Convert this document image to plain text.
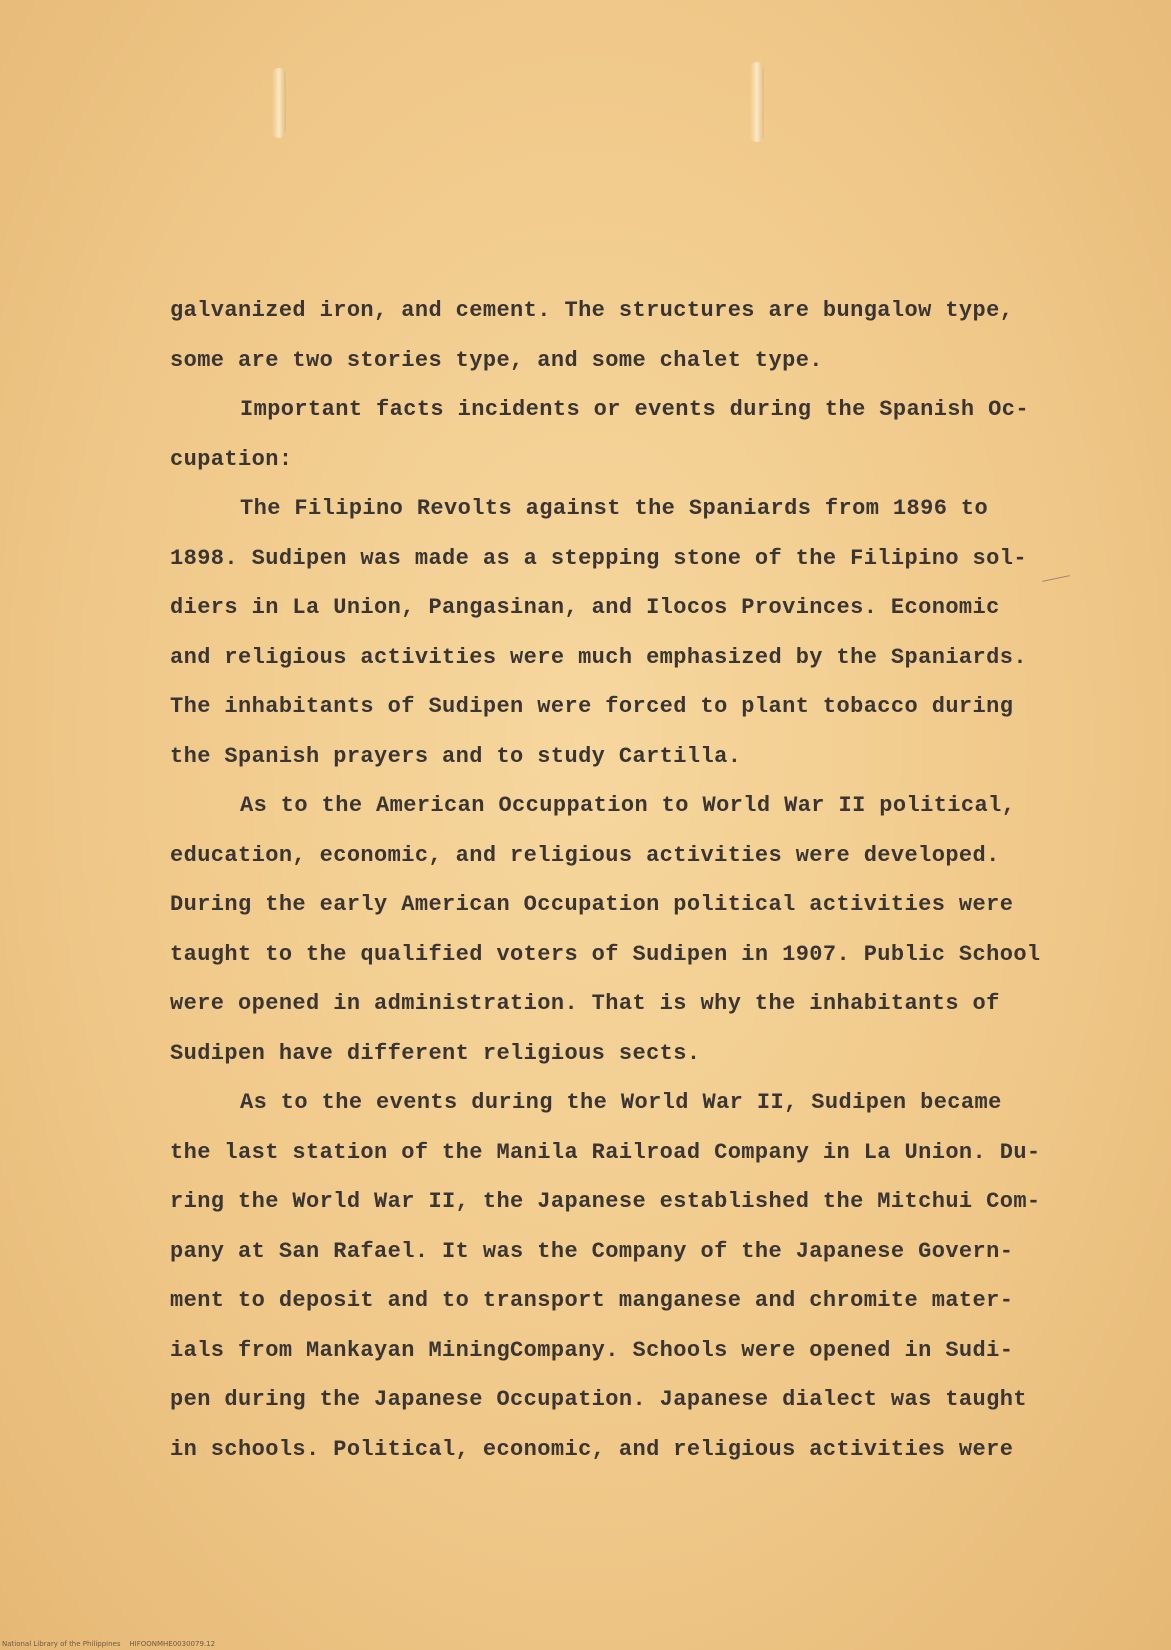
galvanized iron, and cement. The structures are bungalow type,
some are two stories type, and some chalet type.
Important facts incidents or events during the Spanish Oc-
cupation:
The Filipino Revolts against the Spaniards from 1896 to
1898. Sudipen was made as a stepping stone of the Filipino sol-
diers in La Union, Pangasinan, and Ilocos Provinces. Economic
and religious activities were much emphasized by the Spaniards.
The inhabitants of Sudipen were forced to plant tobacco during
the Spanish prayers and to study Cartilla.
As to the American Occuppation to World War II political,
education, economic, and religious activities were developed.
During the early American Occupation political activities were
taught to the qualified voters of Sudipen in 1907. Public School
were opened in administration. That is why the inhabitants of
Sudipen have different religious sects.
As to the events during the World War II, Sudipen became
the last station of the Manila Railroad Company in La Union. Du-
ring the World War II, the Japanese established the Mitchui Com-
pany at San Rafael. It was the Company of the Japanese Govern-
ment to deposit and to transport manganese and chromite mater-
ials from Mankayan MiningCompany. Schools were opened in Sudi-
pen during the Japanese Occupation. Japanese dialect was taught
in schools. Political, economic, and religious activities were
National Library of the Philippines    HIFOONMHE0030079.12
